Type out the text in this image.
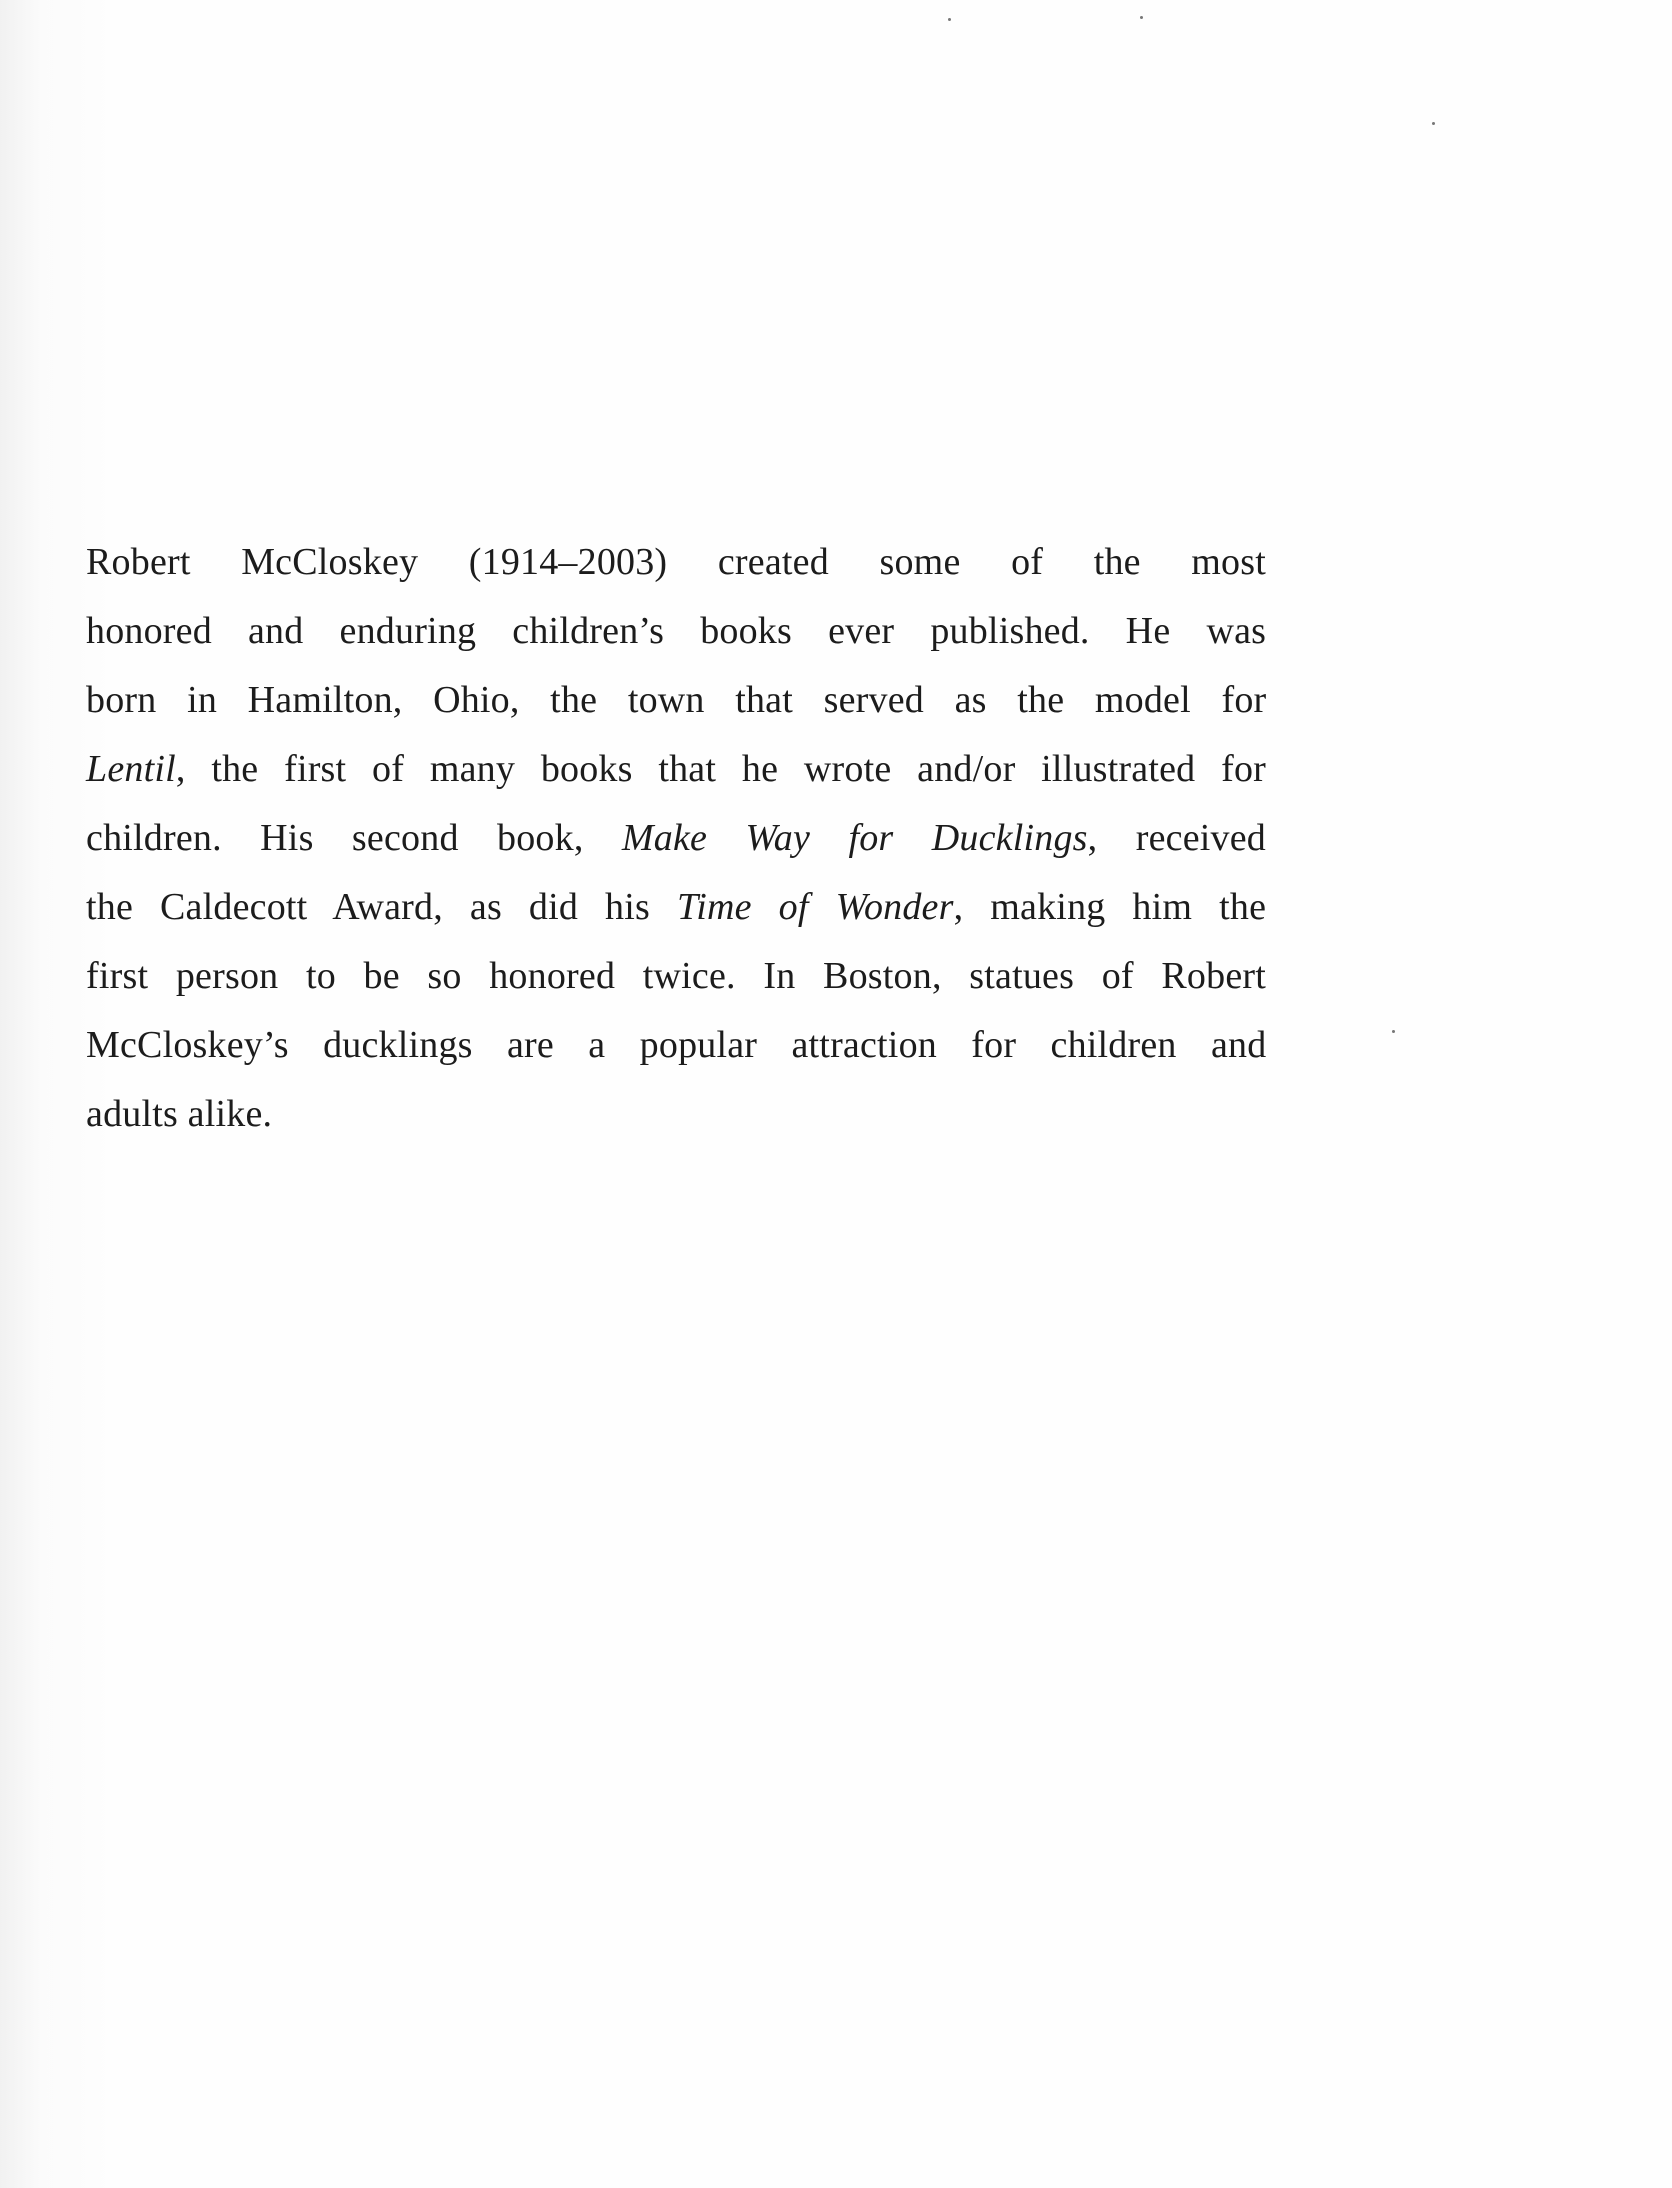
Robert McCloskey (1914–2003) created some of the most
honored and enduring children’s books ever published. He was
born in Hamilton, Ohio, the town that served as the model for
Lentil, the first of many books that he wrote and/or illustrated for
children. His second book, Make Way for Ducklings, received
the Caldecott Award, as did his Time of Wonder, making him the
first person to be so honored twice. In Boston, statues of Robert
McCloskey’s ducklings are a popular attraction for children and
adults alike.
